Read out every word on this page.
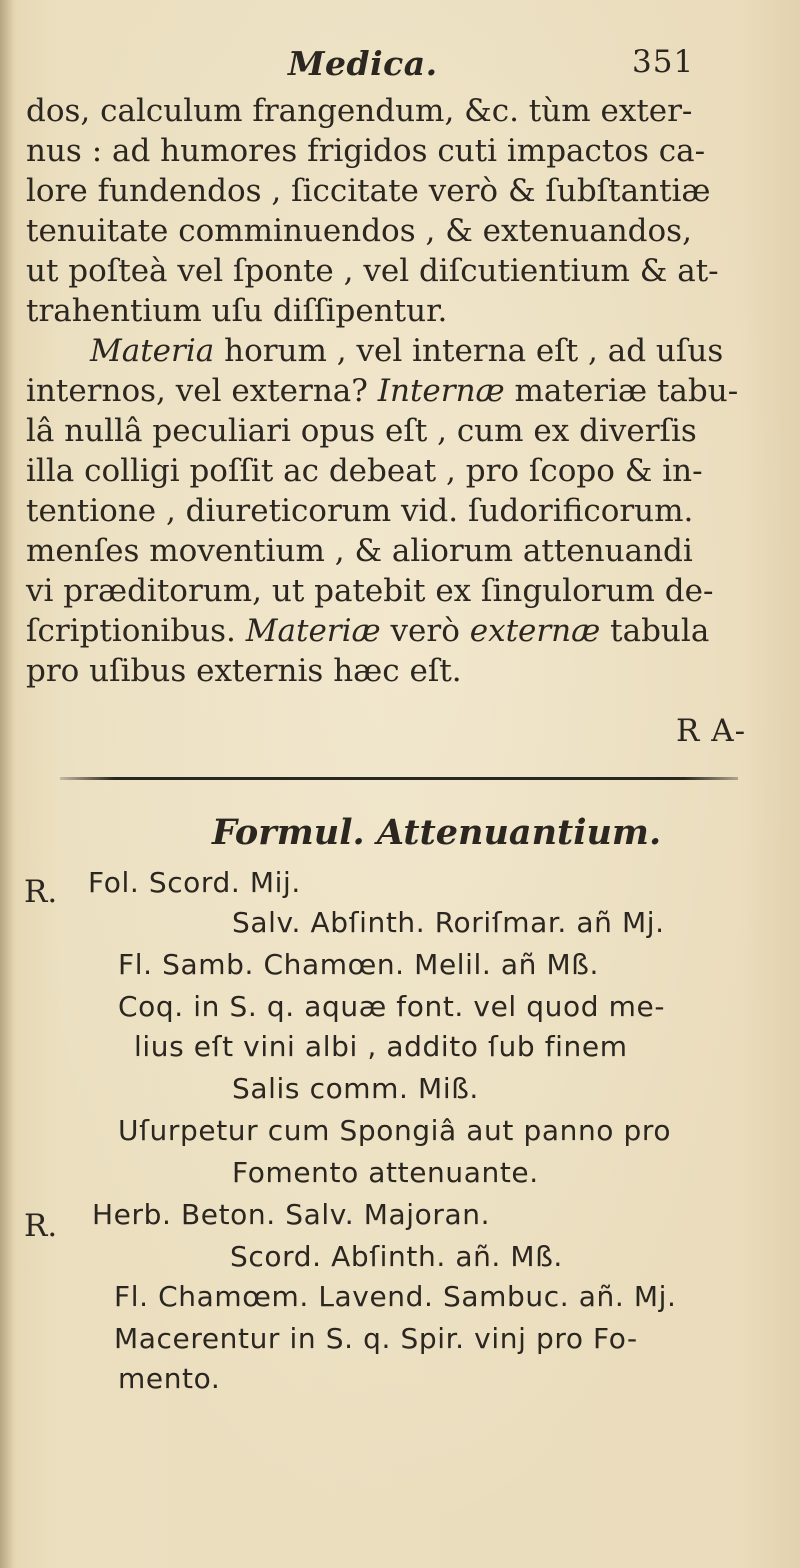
Medica.	351
dos, calculum frangendum, &c. tùm exter-
nus : ad humores frigidos cuti impactos ca-
lore fundendos , ſiccitate verò & ſubſtantiæ
tenuitate comminuendos , & extenuandos,
ut poſteà vel ſponte , vel diſcutientium & at-
trahentium uſu diſſipentur.
Materia horum , vel interna eſt , ad uſus
internos, vel externa? Internæ materiæ tabu-
lâ nullâ peculiari opus eſt , cum ex diverſis
illa colligi poſſit ac debeat , pro ſcopo & in-
tentione , diureticorum vid. ſudorificorum.
menſes moventium , & aliorum attenuandi
vi præditorum, ut patebit ex ſingulorum de-
ſcriptionibus. Materiæ verò externæ tabula
pro uſibus externis hæc eſt.
R A-
Formul. Attenuantium.
R. Fol. Scord. Mij.
Salv. Abſinth. Roriſmar. añ Mj.
Fl. Samb. Chamœn. Melil. añ Mß.
Coq. in S. q. aquæ font. vel quod me-
lius eſt vini albi , addito ſub finem
Salis comm. Miß.
Uſurpetur cum Spongiâ aut panno pro
Fomento attenuante.
R. Herb. Beton. Salv. Majoran.
Scord. Abſinth. añ. Mß.
Fl. Chamœm. Lavend. Sambuc. añ. Mj.
Macerentur in S. q. Spir. vinj pro Fo-
mento.
